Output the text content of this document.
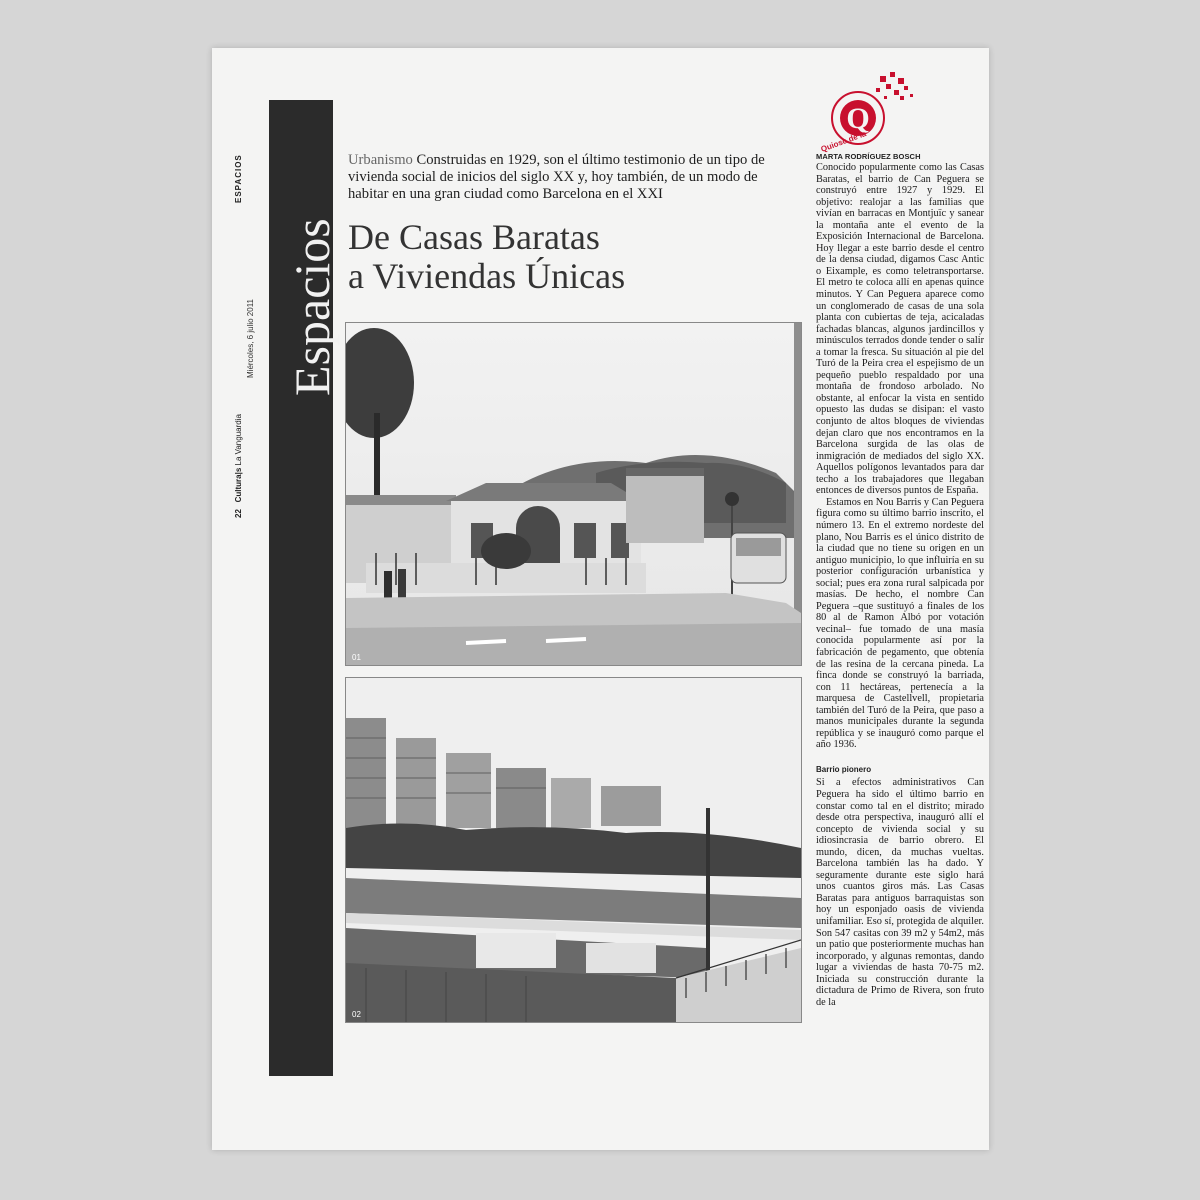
ESPACIOS
22   Cultura|s La Vanguardia
Miércoles, 6 julio 2011 Espacios
Urbanismo Construidas en 1929, son el último testimonio de un tipo de vivienda social de inicios del siglo XX y, hoy también, de un modo de habitar en una gran ciudad como Barcelona en el XXI
De Casas Baratas
a Viviendas Únicas
01
02
Q
Quiosc de la
MARTA RODRÍGUEZ BOSCH

Conocido popularmente como las Casas Baratas, el barrio de Can Peguera se construyó entre 1927 y 1929. El objetivo: realojar a las familias que vivían en barracas en Montjuïc y sanear la montaña ante el evento de la Exposición Internacional de Barcelona. Hoy llegar a este barrio desde el centro de la densa ciudad, digamos Casc Antic o Eixample, es como teletransportarse. El metro te coloca allí en apenas quince minutos. Y Can Peguera aparece como un conglomerado de casas de una sola planta con cubiertas de teja, acicaladas fachadas blancas, algunos jardincillos y minúsculos terrados donde tender o salir a tomar la fresca. Su situación al pie del Turó de la Peira crea el espejismo de un pequeño pueblo respaldado por una montaña de frondoso arbolado. No obstante, al enfocar la vista en sentido opuesto las dudas se disipan: el vasto conjunto de altos bloques de viviendas dejan claro que nos encontramos en la Barcelona surgida de las olas de inmigración de mediados del siglo XX. Aquellos polígonos levantados para dar techo a los trabajadores que llegaban entonces de diversos puntos de España.

Estamos en Nou Barris y Can Peguera figura como su último barrio inscrito, el número 13. En el extremo nordeste del plano, Nou Barris es el único distrito de la ciudad que no tiene su origen en un antiguo municipio, lo que influiría en su posterior configuración urbanística y social; pues era zona rural salpicada por masías. De hecho, el nombre Can Peguera –que sustituyó a finales de los 80 al de Ramon Albó por votación vecinal– fue tomado de una masía conocida popularmente así por la fabricación de pegamento, que obtenía de las resina de la cercana pineda. La finca donde se construyó la barriada, con 11 hectáreas, pertenecía a la marquesa de Castellvell, propietaria también del Turó de la Peira, que paso a manos municipales durante la segunda república y se inauguró como parque el año 1936.

Barrio pionero

Si a efectos administrativos Can Peguera ha sido el último barrio en constar como tal en el distrito; mirado desde otra perspectiva, inauguró allí el concepto de vivienda social y su idiosincrasia de barrio obrero. El mundo, dicen, da muchas vueltas. Barcelona también las ha dado. Y seguramente durante este siglo hará unos cuantos giros más. Las Casas Baratas para antiguos barraquistas son hoy un esponjado oasis de vivienda unifamiliar. Eso sí, protegida de alquiler. Son 547 casitas con 39 m2 y 54m2, más un patio que posteriormente muchas han incorporado, y algunas remontas, dando lugar a viviendas de hasta 70-75 m2. Iniciada su construcción durante la dictadura de Primo de Rivera, son fruto de la
